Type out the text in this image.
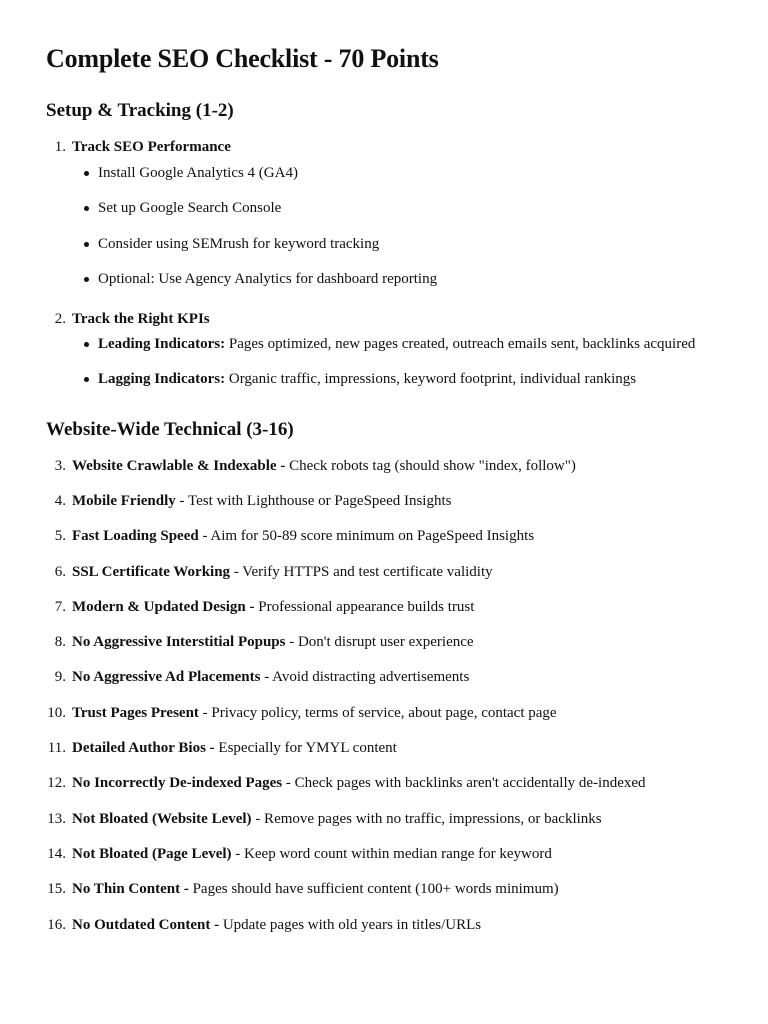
Complete SEO Checklist - 70 Points
Setup & Tracking (1-2)
1. Track SEO Performance
Install Google Analytics 4 (GA4)
Set up Google Search Console
Consider using SEMrush for keyword tracking
Optional: Use Agency Analytics for dashboard reporting
2. Track the Right KPIs
Leading Indicators: Pages optimized, new pages created, outreach emails sent, backlinks acquired
Lagging Indicators: Organic traffic, impressions, keyword footprint, individual rankings
Website-Wide Technical (3-16)
3. Website Crawlable & Indexable - Check robots tag (should show "index, follow")
4. Mobile Friendly - Test with Lighthouse or PageSpeed Insights
5. Fast Loading Speed - Aim for 50-89 score minimum on PageSpeed Insights
6. SSL Certificate Working - Verify HTTPS and test certificate validity
7. Modern & Updated Design - Professional appearance builds trust
8. No Aggressive Interstitial Popups - Don't disrupt user experience
9. No Aggressive Ad Placements - Avoid distracting advertisements
10. Trust Pages Present - Privacy policy, terms of service, about page, contact page
11. Detailed Author Bios - Especially for YMYL content
12. No Incorrectly De-indexed Pages - Check pages with backlinks aren't accidentally de-indexed
13. Not Bloated (Website Level) - Remove pages with no traffic, impressions, or backlinks
14. Not Bloated (Page Level) - Keep word count within median range for keyword
15. No Thin Content - Pages should have sufficient content (100+ words minimum)
16. No Outdated Content - Update pages with old years in titles/URLs
